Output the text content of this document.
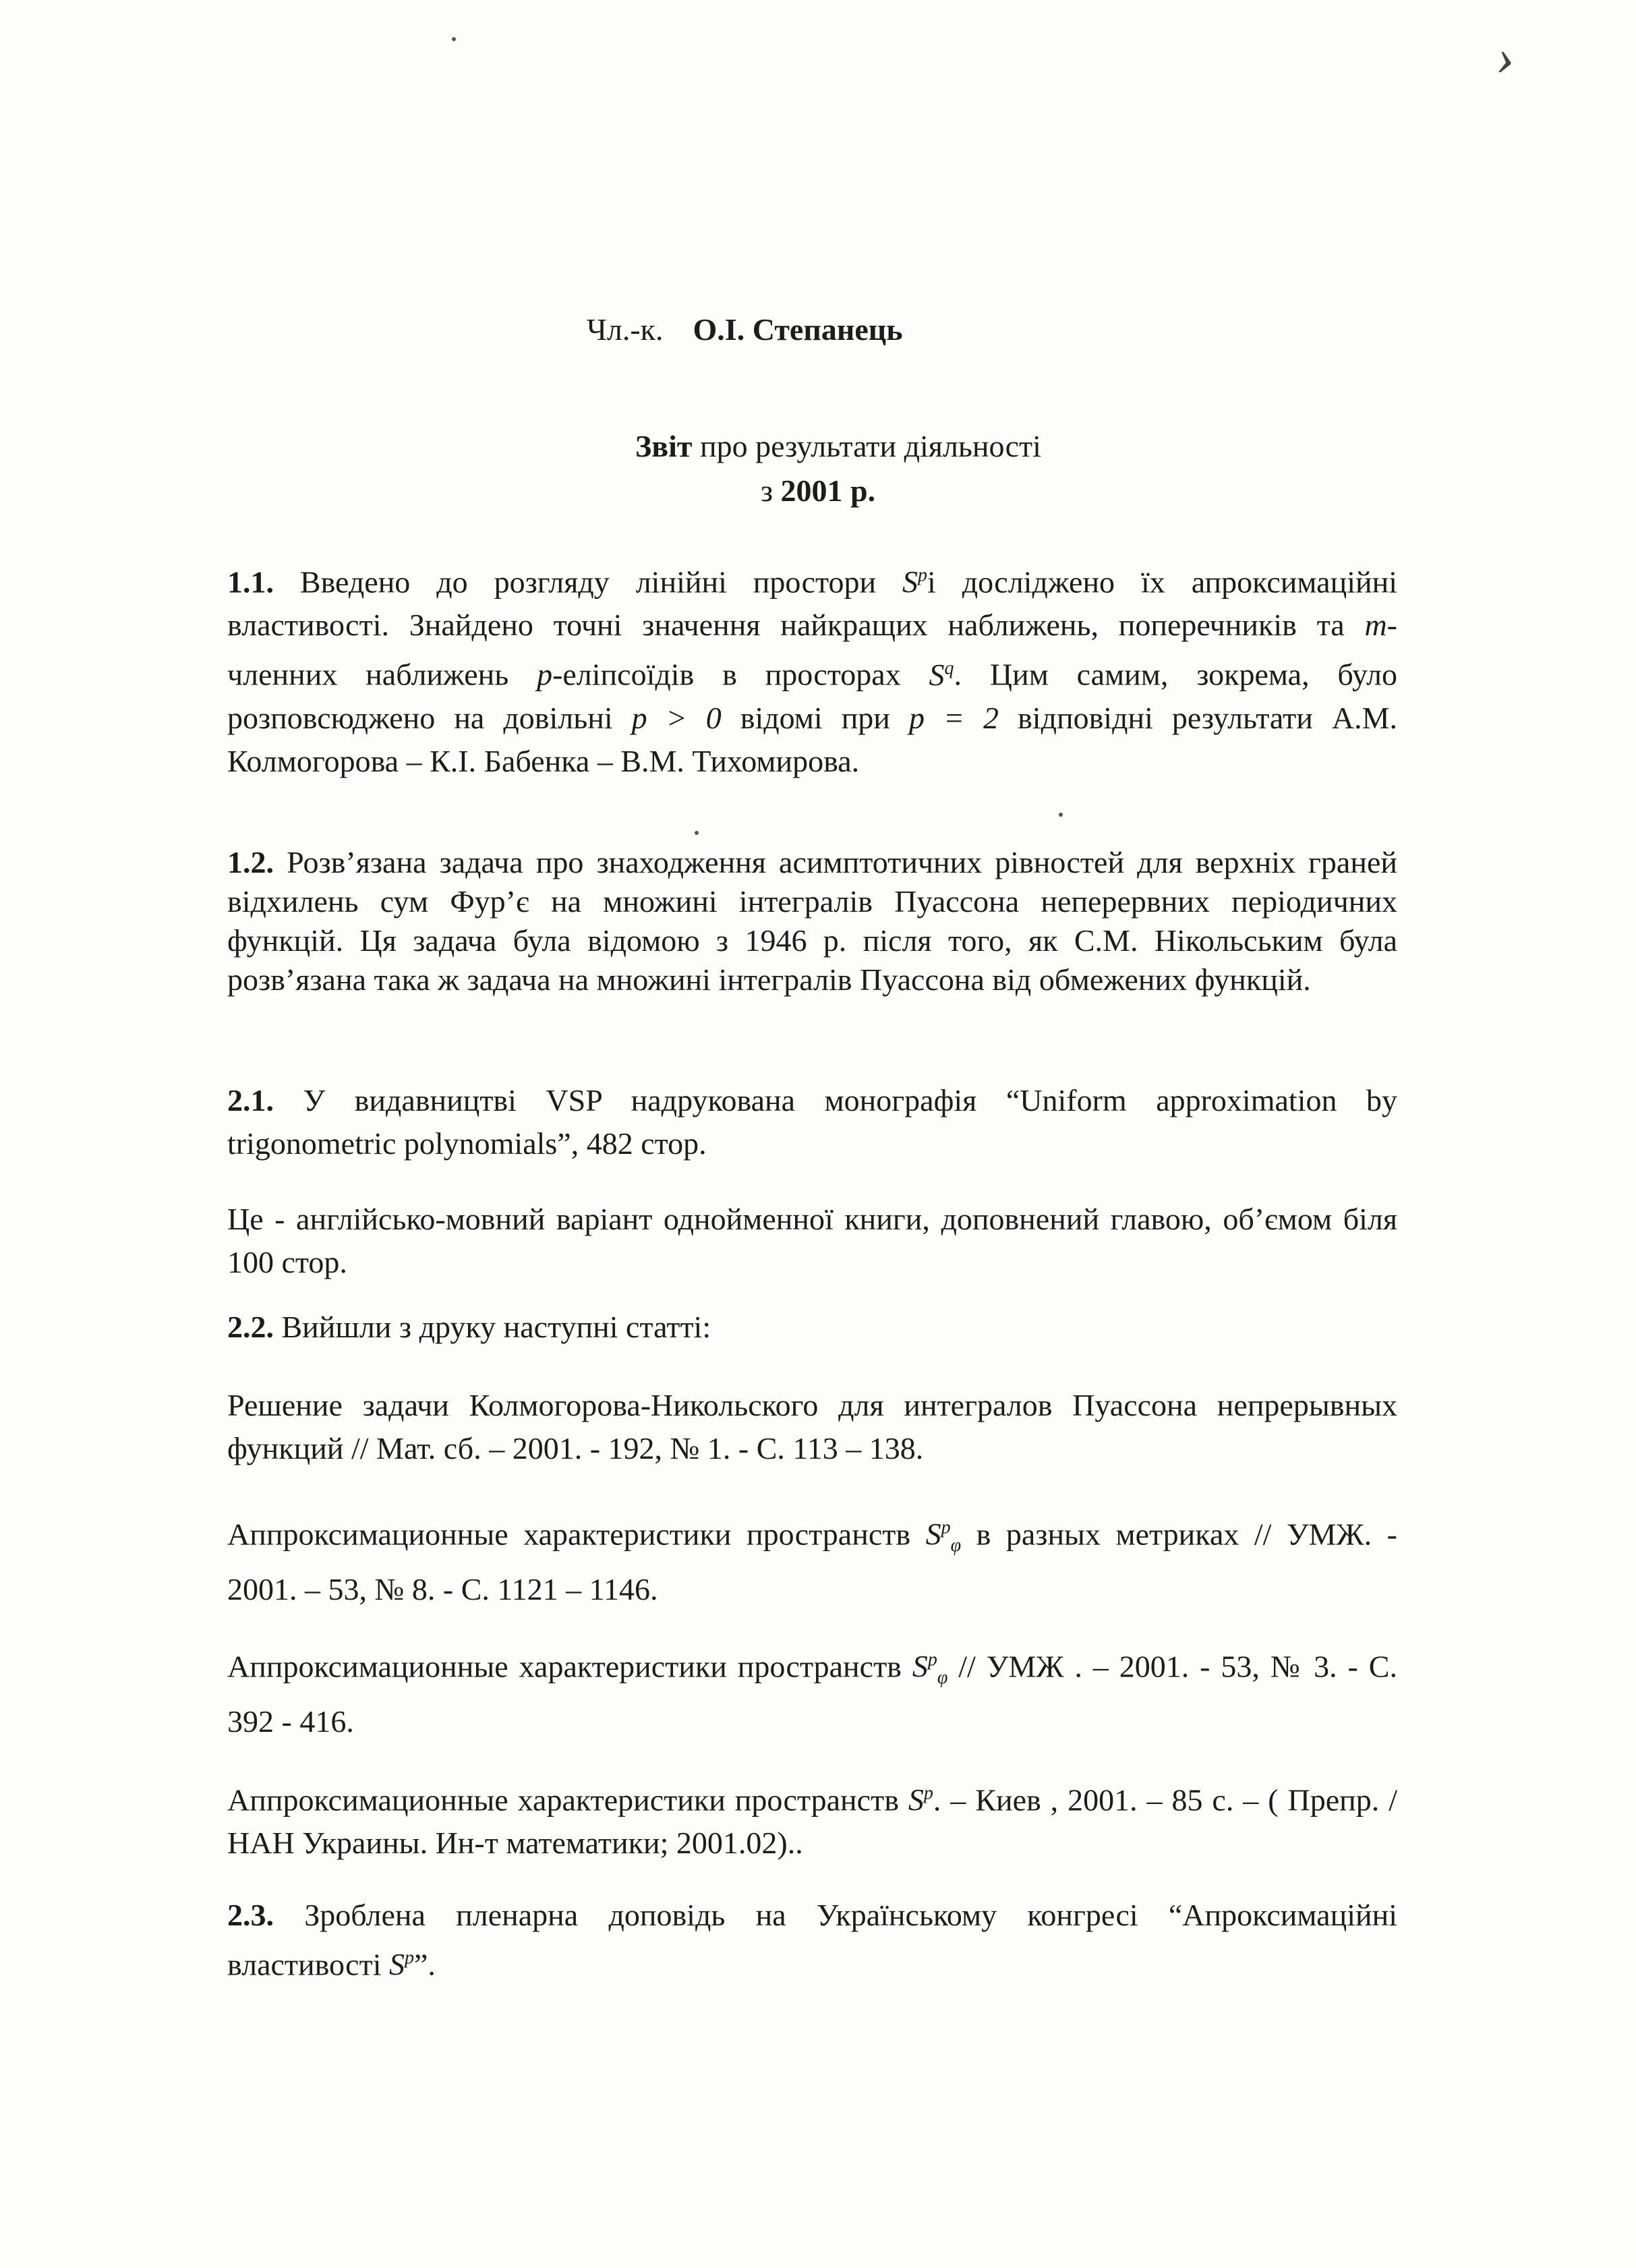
›
Чл.-к. О.І. Степанець
Звіт про результати діяльності
з 2001 р.
1.1. Введено до розгляду лінійні простори $S^pі$ досліджено їх апроксимаційні властивості. Знайдено точні значення найкращих наближень, поперечників та m-членних наближень p-еліпсоїдів в просторах $S^q$. Цим самим, зокрема, було розповсюджено на довільні p > 0 відомі при p = 2 відповідні результати А.М. Колмогорова – К.І. Бабенка – В.М. Тихомирова.
1.2. Розв’язана задача про знаходження асимптотичних рівностей для верхніх граней відхилень сум Фур’є на множині інтегралів Пуассона неперервних періодичних функцій. Ця задача була відомою з 1946 р. після того, як С.М. Нікольським була розв’язана така ж задача на множині інтегралів Пуассона від обмежених функцій.
2.1. У видавництві VSP надрукована монографія “Uniform approximation by trigonometric polynomials”, 482 стор.
Це - англійсько-мовний варіант однойменної книги, доповнений главою, об’ємом біля 100 стор.
2.2. Вийшли з друку наступні статті:
Решение задачи Колмогорова-Никольского для интегралов Пуассона непрерывных функций // Мат. сб. – 2001. - 192, № 1. - С. 113 – 138.
Аппроксимационные характеристики пространств $S^p_\varphi$ в разных метриках // УМЖ. - 2001. – 53, № 8. - С. 1121 – 1146.
Аппроксимационные характеристики пространств $S^p_\varphi$ // УМЖ . – 2001. - 53, № 3. - С. 392 - 416.
Аппроксимационные характеристики пространств $S^p$. – Киев , 2001. – 85 с. – ( Препр. / НАН Украины. Ин-т математики; 2001.02)..
2.3. Зроблена пленарна доповідь на Українському конгресі “Апроксимаційні властивості $S^p$”.
